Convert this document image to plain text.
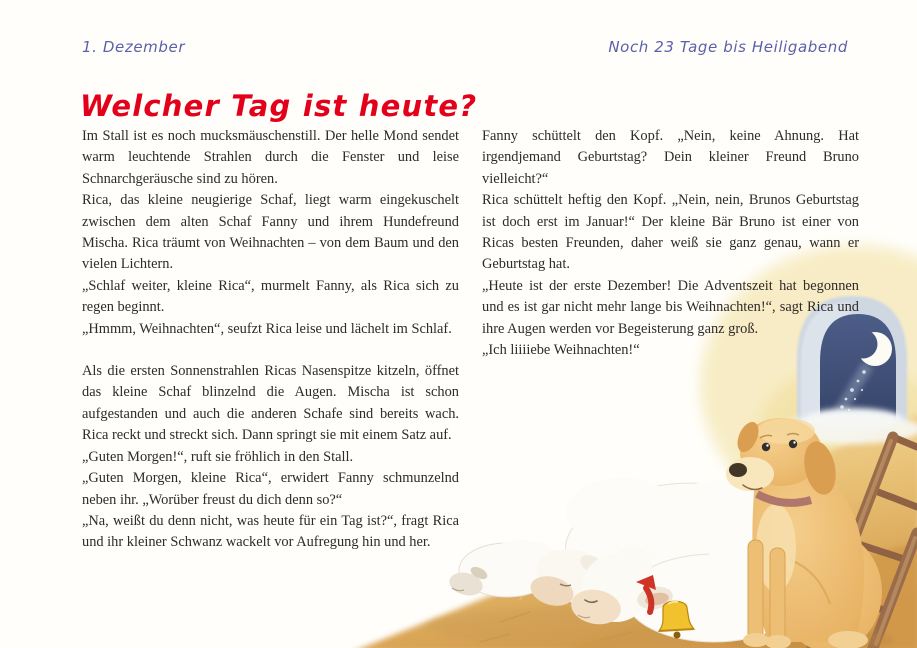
1. Dezember	Noch 23 Tage bis Heiligabend
Welcher Tag ist heute?

Im Stall ist es noch mucksmäuschenstill. Der helle Mond sendet warm leuchtende Strahlen durch die Fenster und leise Schnarchgeräusche sind zu hören.

Rica, das kleine neugierige Schaf, liegt warm eingekuschelt zwischen dem alten Schaf Fanny und ihrem Hundefreund Mischa. Rica träumt von Weihnachten – von dem Baum und den vielen Lichtern.

„Schlaf weiter, kleine Rica“, murmelt Fanny, als Rica sich zu regen beginnt.

„Hmmm, Weihnachten“, seufzt Rica leise und lächelt im Schlaf.

Als die ersten Sonnenstrahlen Ricas Nasenspitze kitzeln, öffnet das kleine Schaf blinzelnd die Augen. Mischa ist schon aufgestanden und auch die anderen Schafe sind bereits wach. Rica reckt und streckt sich. Dann springt sie mit einem Satz auf.

„Guten Morgen!“, ruft sie fröhlich in den Stall.

„Guten Morgen, kleine Rica“, erwidert Fanny schmunzelnd neben ihr. „Worüber freust du dich denn so?“

„Na, weißt du denn nicht, was heute für ein Tag ist?“, fragt Rica und ihr kleiner Schwanz wackelt vor Aufregung hin und her.

Fanny schüttelt den Kopf. „Nein, keine Ahnung. Hat irgendjemand Geburtstag? Dein kleiner Freund Bruno vielleicht?“

Rica schüttelt heftig den Kopf. „Nein, nein, Brunos Geburtstag ist doch erst im Januar!“ Der kleine Bär Bruno ist einer von Ricas besten Freunden, daher weiß sie ganz genau, wann er Geburtstag hat.

„Heute ist der erste Dezember! Die Adventszeit hat begonnen und es ist gar nicht mehr lange bis Weihnachten!“, sagt Rica und ihre Augen werden vor Begeisterung ganz groß.

„Ich liiiiebe Weihnachten!“
